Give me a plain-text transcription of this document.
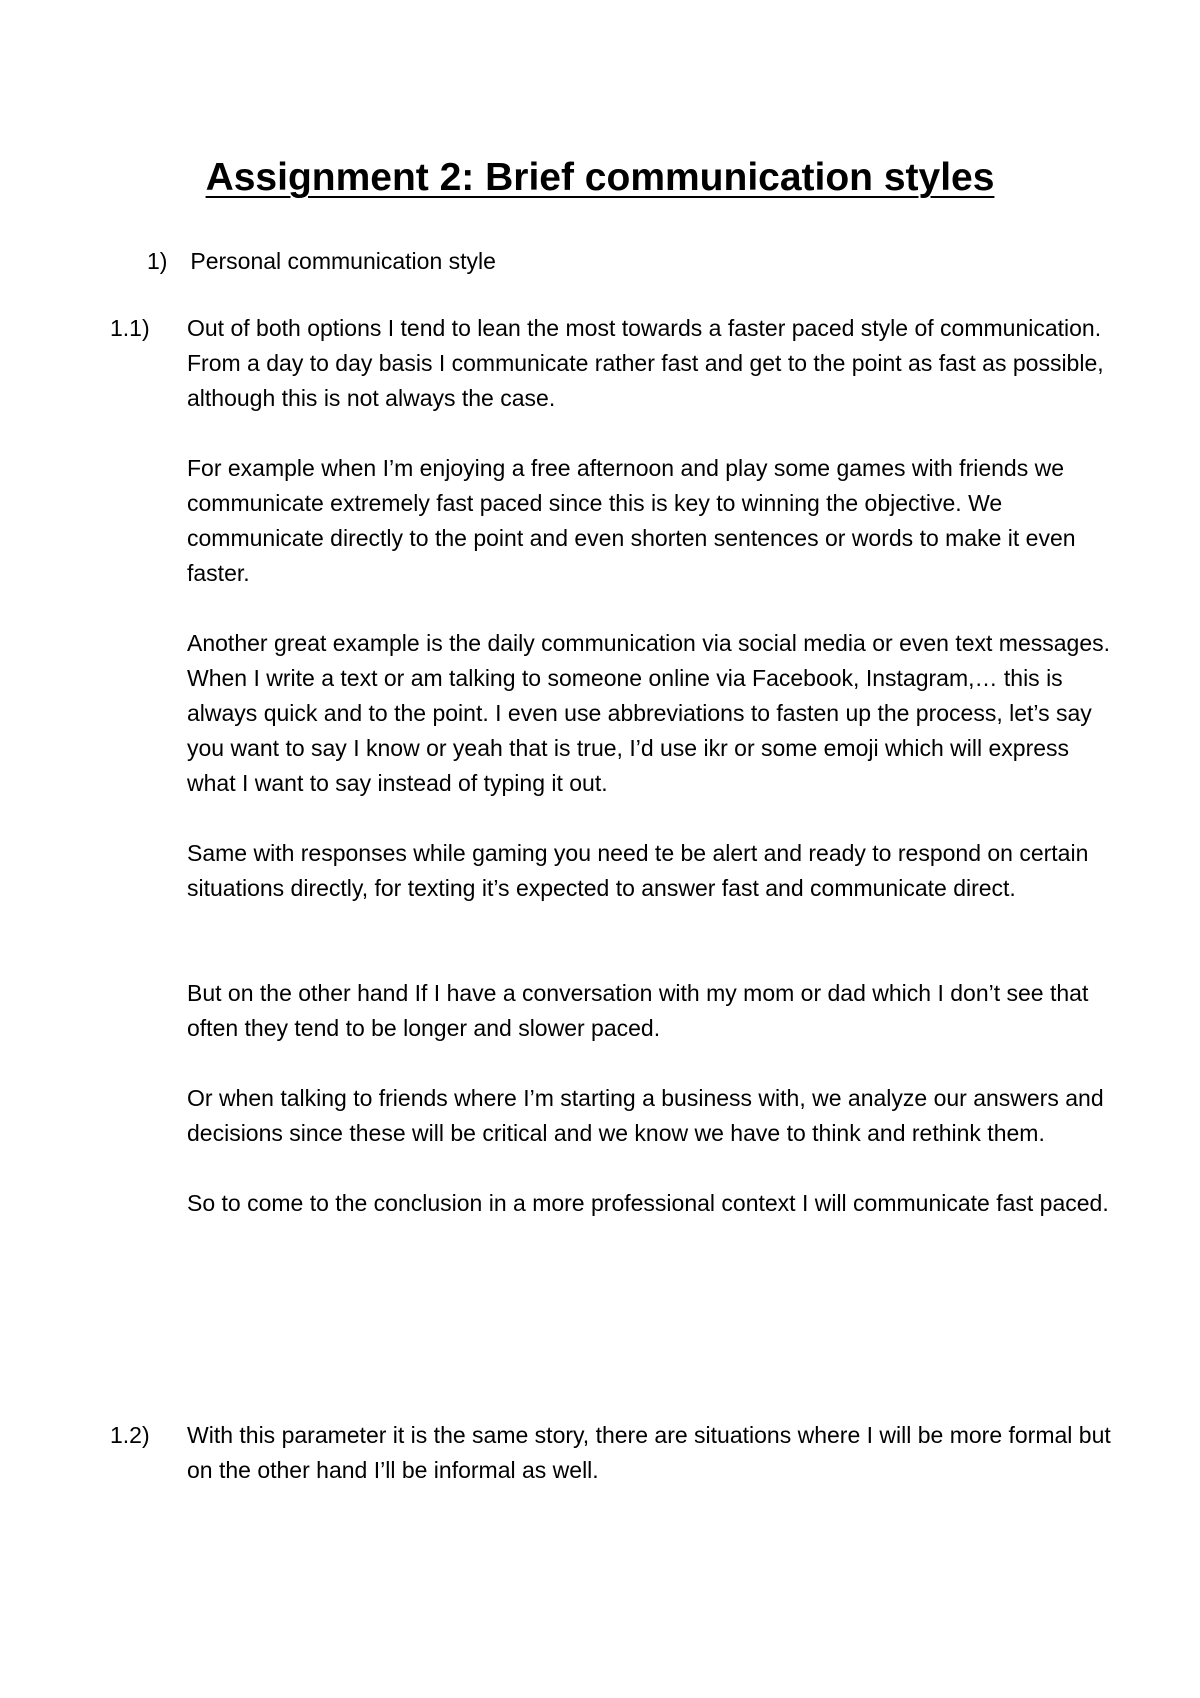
Assignment 2: Brief communication styles
1) Personal communication style
1.1) Out of both options I tend to lean the most towards a faster paced style of communication. From a day to day basis I communicate rather fast and get to the point as fast as possible, although this is not always the case.

For example when I’m enjoying a free afternoon and play some games with friends we communicate extremely fast paced since this is key to winning the objective. We communicate directly to the point and even shorten sentences or words to make it even faster.

Another great example is the daily communication via social media or even text messages. When I write a text or am talking to someone online via Facebook, Instagram,… this is always quick and to the point. I even use abbreviations to fasten up the process, let’s say you want to say I know or yeah that is true, I’d use ikr or some emoji which will express what I want to say instead of typing it out.

Same with responses while gaming you need te be alert and ready to respond on certain situations directly, for texting it’s expected to answer fast and communicate direct.

But on the other hand If I have a conversation with my mom or dad which I don’t see that often they tend to be longer and slower paced.

Or when talking to friends where I’m starting a business with, we analyze our answers and decisions since these will be critical and we know we have to think and rethink them.

So to come to the conclusion in a more professional context I will communicate fast paced.

1.2) With this parameter it is the same story, there are situations where I will be more formal but on the other hand I’ll be informal as well.
